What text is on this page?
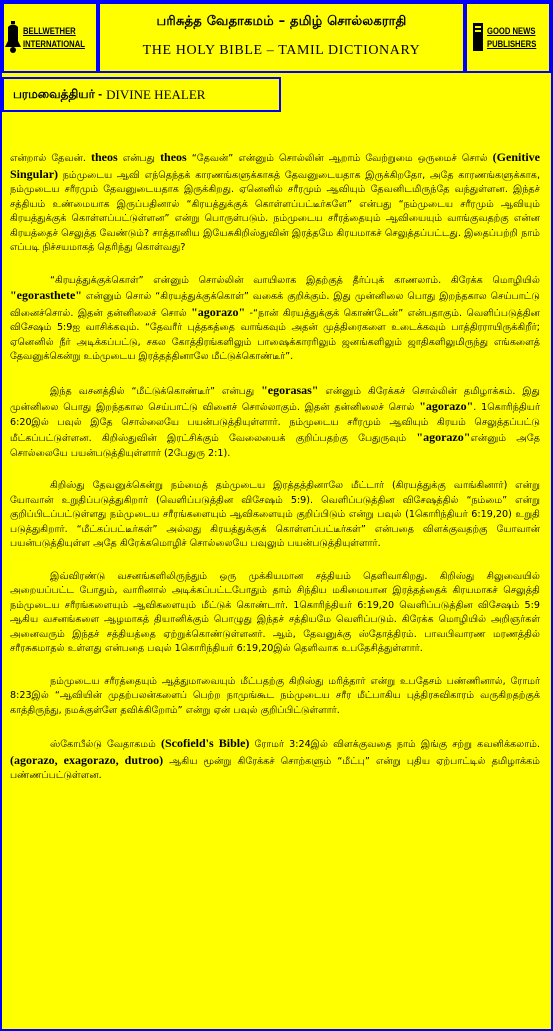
BELLWETHER
INTERNATIONAL
பரிசுத்த வேதாகமம் – தமிழ் சொல்லகராதி
THE HOLY BIBLE – TAMIL DICTIONARY
GOOD NEWS
PUBLISHERS
பரமவைத்தியர் - DIVINE HEALER

என்றால் தேவன். theos என்பது theos “தேவன்” என்னும் சொல்லின் ஆறாம் வேற்றுமை ஒருமைச் சொல் (Genitive Singular) நம்முடைய ஆவி எந்தெந்தக் காரணங்களுக்காகத் தேவனுடையதாக இருக்கிறதோ, அதே காரணங்களுக்காக, நம்முடைய சரீரமும் தேவனுடையதாக இருக்கிறது. ஏனெனில் சரீரமும் ஆவியும் தேவனிடமிருந்தே வந்துள்ளன. இந்தச் சத்தியம் உண்மையாக இருப்பதினால் “கிரயத்துக்குக் கொள்ளப்பட்டீர்களே” என்பது “நம்முடைய சரீரமும் ஆவியும் கிரயத்துக்குக் கொள்ளப்பட்டுள்ளன” என்று பொருள்படும். நம்முடைய சரீரத்தையும் ஆவியையும் வாங்குவதற்கு என்ன கிரயத்தைச் செலுத்த வேண்டும்? சாத்தானிய இயேசுகிறிஸ்துவின் இரத்தமே கிரயமாகச் செலுத்தப்பட்டது. இதைப்பற்றி நாம் எப்படி நிச்சயமாகத் தெரிந்து கொள்வது?

“கிரயத்துக்குக்கொள்” என்னும் சொல்லின் வாயிலாக இதற்குத் தீர்ப்புக் காணலாம். கிரேக்க மொழியில் "egorasthete" என்னும் சொல் “கிரயத்துக்குக்கொள்” வகைக் குறிக்கும். இது முன்னிலை பொது இறந்தகால செய்பாட்டு வினைச்சொல். இதன் தன்னிலைச் சொல் "agorazo" -“நான் கிரயத்துக்குக் கொண்டேன்” என்பதாகும். வெளிப்படுத்தின விசேஷம் 5:9ஐ வாசிக்கவும். “தேவரீர் புத்தகத்தை வாங்கவும் அதன் முத்திரைகளை உடைக்கவும் பாத்திரராயிருக்கிறீர்; ஏனெனில் நீர் அடிக்கப்பட்டு, சகல கோத்திரங்களிலும் பாஷைக்காரரிலும் ஜனங்களிலும் ஜாதிகளிலுமிருந்து எங்களைத் தேவனுக்கென்று உம்முடைய இரத்தத்தினாலே மீட்டுக்கொண்டீர்”.

இந்த வசனத்தில் “மீட்டுக்கொண்டீர்” என்பது "egorasas" என்னும் கிரேக்கச் சொல்லின் தமிழாக்கம். இது முன்னிலை பொது இறந்தகால செய்பாட்டு வினைச் சொல்லாகும். இதன் தன்னிலைச் சொல் "agorazo". 1கொரிந்தியர் 6:20இல் பவுல் இதே சொல்லையே பயன்படுத்தியுள்ளார். நம்முடைய சரீரமும் ஆவியும் கிரயம் செலுத்தப்பட்டு மீட்கப்பட்டுள்ளன. கிறிஸ்துவின் இரட்சிக்கும் வேலையைக் குறிப்பதற்கு பேதுருவும் "agorazo"என்னும் அதே சொல்லையே பயன்படுத்தியுள்ளார் (2பேதுரு 2:1).

கிறிஸ்து தேவனுக்கென்று நம்மைத் தம்முடைய இரத்தத்தினாலே மீட்டார் (கிரயத்துக்கு வாங்கினார்) என்று யோவான் உறுதிப்படுத்துகிறார் (வெளிப்படுத்தின விசேஷம் 5:9). வெளிப்படுத்தின விசேஷத்தில் “நம்மை” என்று குறிப்பிடப்பட்டுள்ளது நம்முடைய சரீரங்களையும் ஆவிகளையும் குறிப்பிடும் என்று பவுல் (1கொரிந்தியர் 6:19,20) உறுதி படுத்துகிறார். “மீட்கப்பட்டீர்கள்” அல்லது கிரயத்துக்குக் கொள்ளப்பட்டீர்கள்” என்பதை விளக்குவதற்கு யோவான் பயன்படுத்தியுள்ள அதே கிரேக்கமொழிச் சொல்லையே பவுலும் பயன்படுத்தியுள்ளார்.

இவ்விரண்டு வசனங்களிலிருந்தும் ஒரு முக்கியமான சத்தியம் தெளிவாகிறது. கிறிஸ்து சிலுவையில் அறையப்பட்ட போதும், வாரினால் அடிக்கப்பட்டபோதும் தாம் சிந்திய மகிமையான இரத்தத்தைக் கிரயமாகச் செலுத்தி நம்முடைய சரீரங்களையும் ஆவிகளையும் மீட்டுக் கொண்டார். 1கொரிந்தியர் 6:19,20 வெளிப்படுத்தின விசேஷம் 5:9 ஆகிய வசனங்களை ஆழமாகத் தியானிக்கும் பொழுது இந்தச் சத்தியமே வெளிப்படும். கிரேக்க மொழியில் அறிஞர்கள் அனைவரும் இந்தச் சத்தியத்தை ஏற்றுக்கொண்டுள்ளனர். ஆம், தேவனுக்கு ஸ்தோத்திரம். பாவபிவாரண மரணத்தில் சரீரசுகமாதல் உள்ளது என்பதை பவுல் 1கொரிந்தியர் 6:19,20இல் தெளிவாக உபதேசித்துள்ளார்.

நம்முடைய சரீரத்தையும் ஆத்துமாவையும் மீட்பதற்கு கிறிஸ்து மரித்தார் என்று உபதேசம் பண்ணினால், ரோமர் 8:23இல் “ஆவியின் முதற்பலன்களைப் பெற்ற நாமுங்கூட நம்முடைய சரீர மீட்பாகிய புத்திரசுவிகாரம் வருகிறதற்குக் காத்திருந்து, நமக்குள்ளே தவிக்கிறோம்” என்று ஏன் பவுல் குறிப்பிட்டுள்ளார்.

ஸ்கோபீல்டு வேதாகமம் (Scofield's Bible) ரோமர் 3:24இல் விளக்குவதை நாம் இங்கு சற்று கவனிக்கலாம். (agorazo, exagorazo, dutroo) ஆகிய மூன்று கிரேக்கச் சொற்களும் “மீட்பு” என்று புதிய ஏற்பாட்டில் தமிழாக்கம் பண்ணப்பட்டுள்ளன.
